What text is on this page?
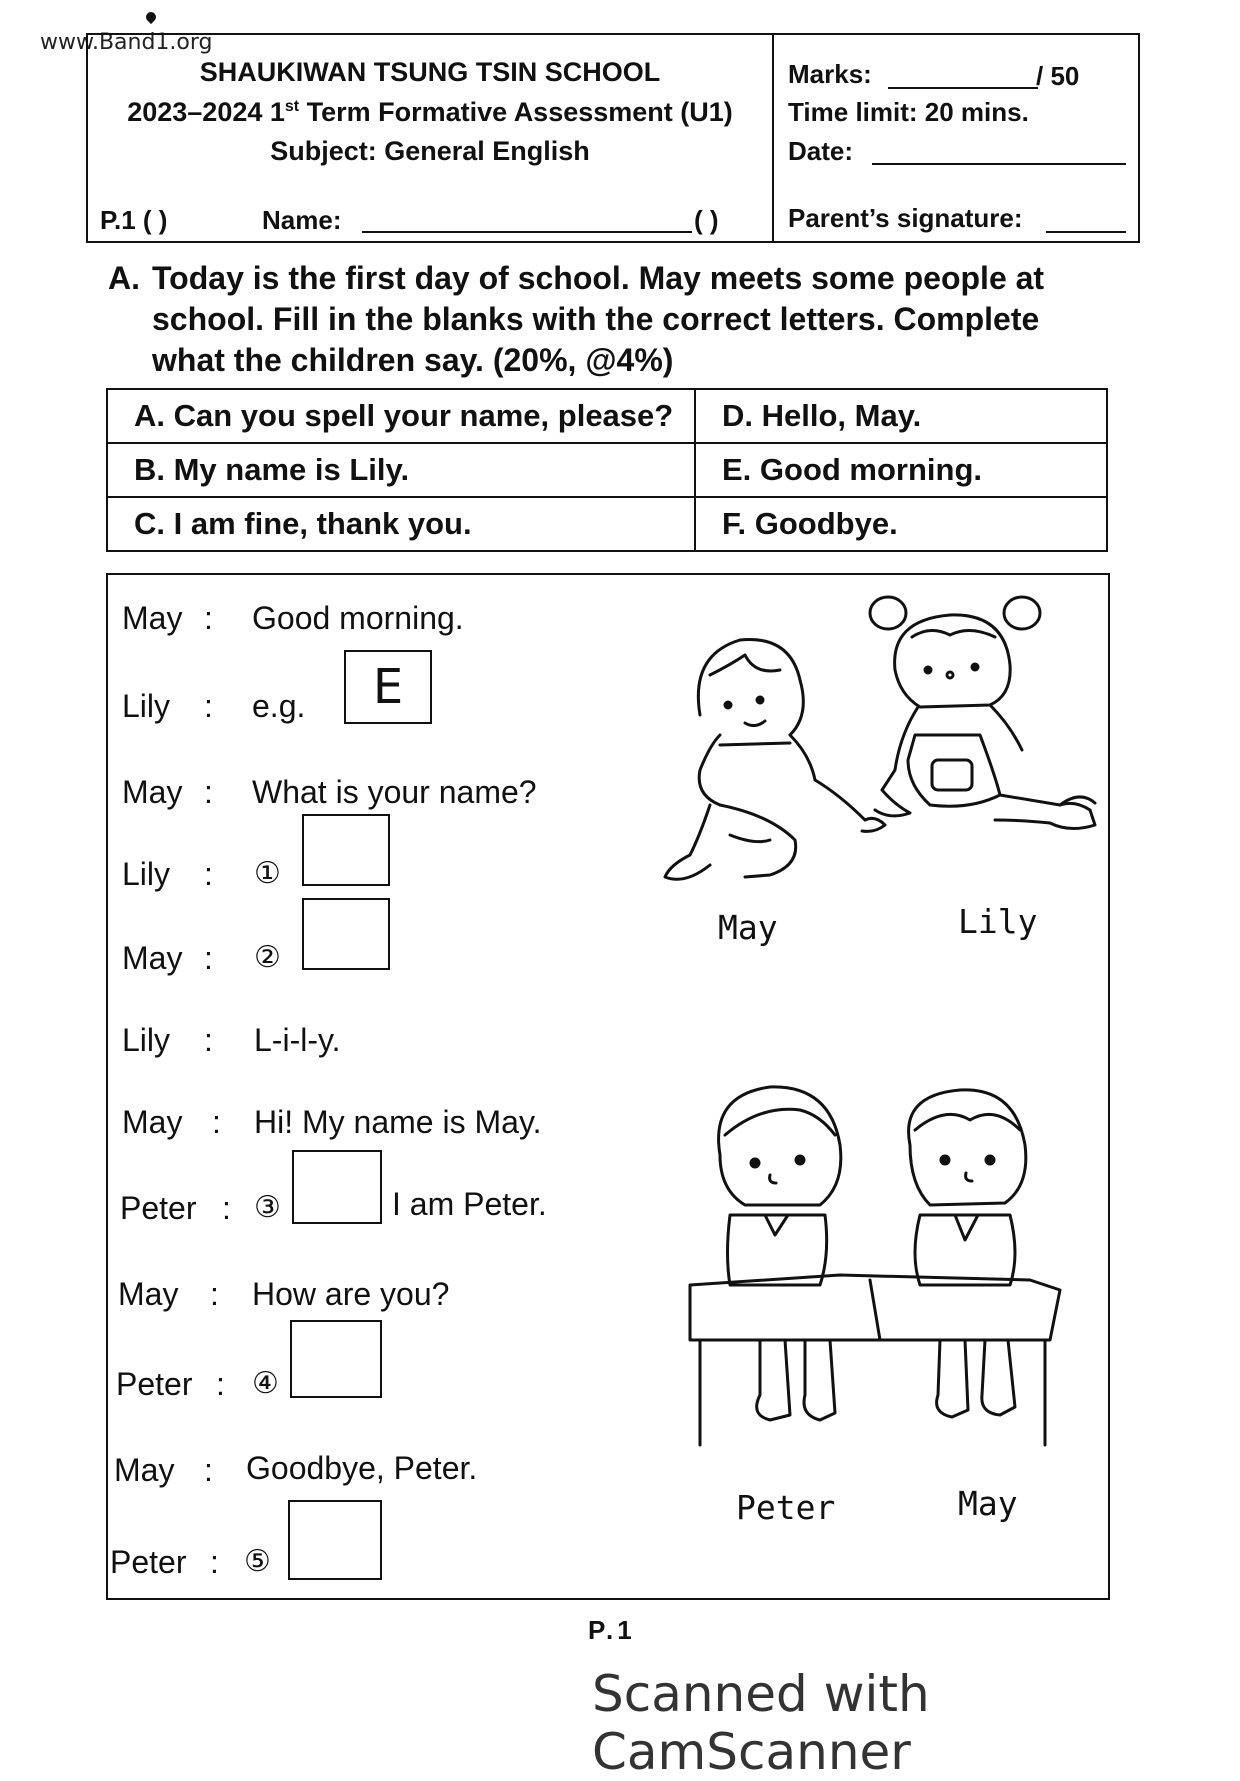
www.Band1.org
SHAUKIWAN TSUNG TSIN SCHOOL
2023–2024 1st Term Formative Assessment (U1)
Subject: General English
P.1 ( )	Name:	( )
Marks:	/ 50
Time limit: 20 mins.
Date:
Parent’s signature:
A. Today is the first day of school. May meets some people at
school. Fill in the blanks with the correct letters. Complete
what the children say. (20%, @4%)
A. Can you spell your name, please?	D. Hello, May.
B. My name is Lily.	E. Good morning.
C. I am fine, thank you.	F. Goodbye.
May : Good morning.
Lily : e.g.	E
May : What is your name?
Lily : ①
May : ②
Lily : L-i-l-y.
May : Hi! My name is May.
Peter : ③	I am Peter.
May : How are you?
Peter : ④
May : Goodbye, Peter.
Peter : ⑤
May	Lily
Peter	May
P.1
Scanned with CamScanner
